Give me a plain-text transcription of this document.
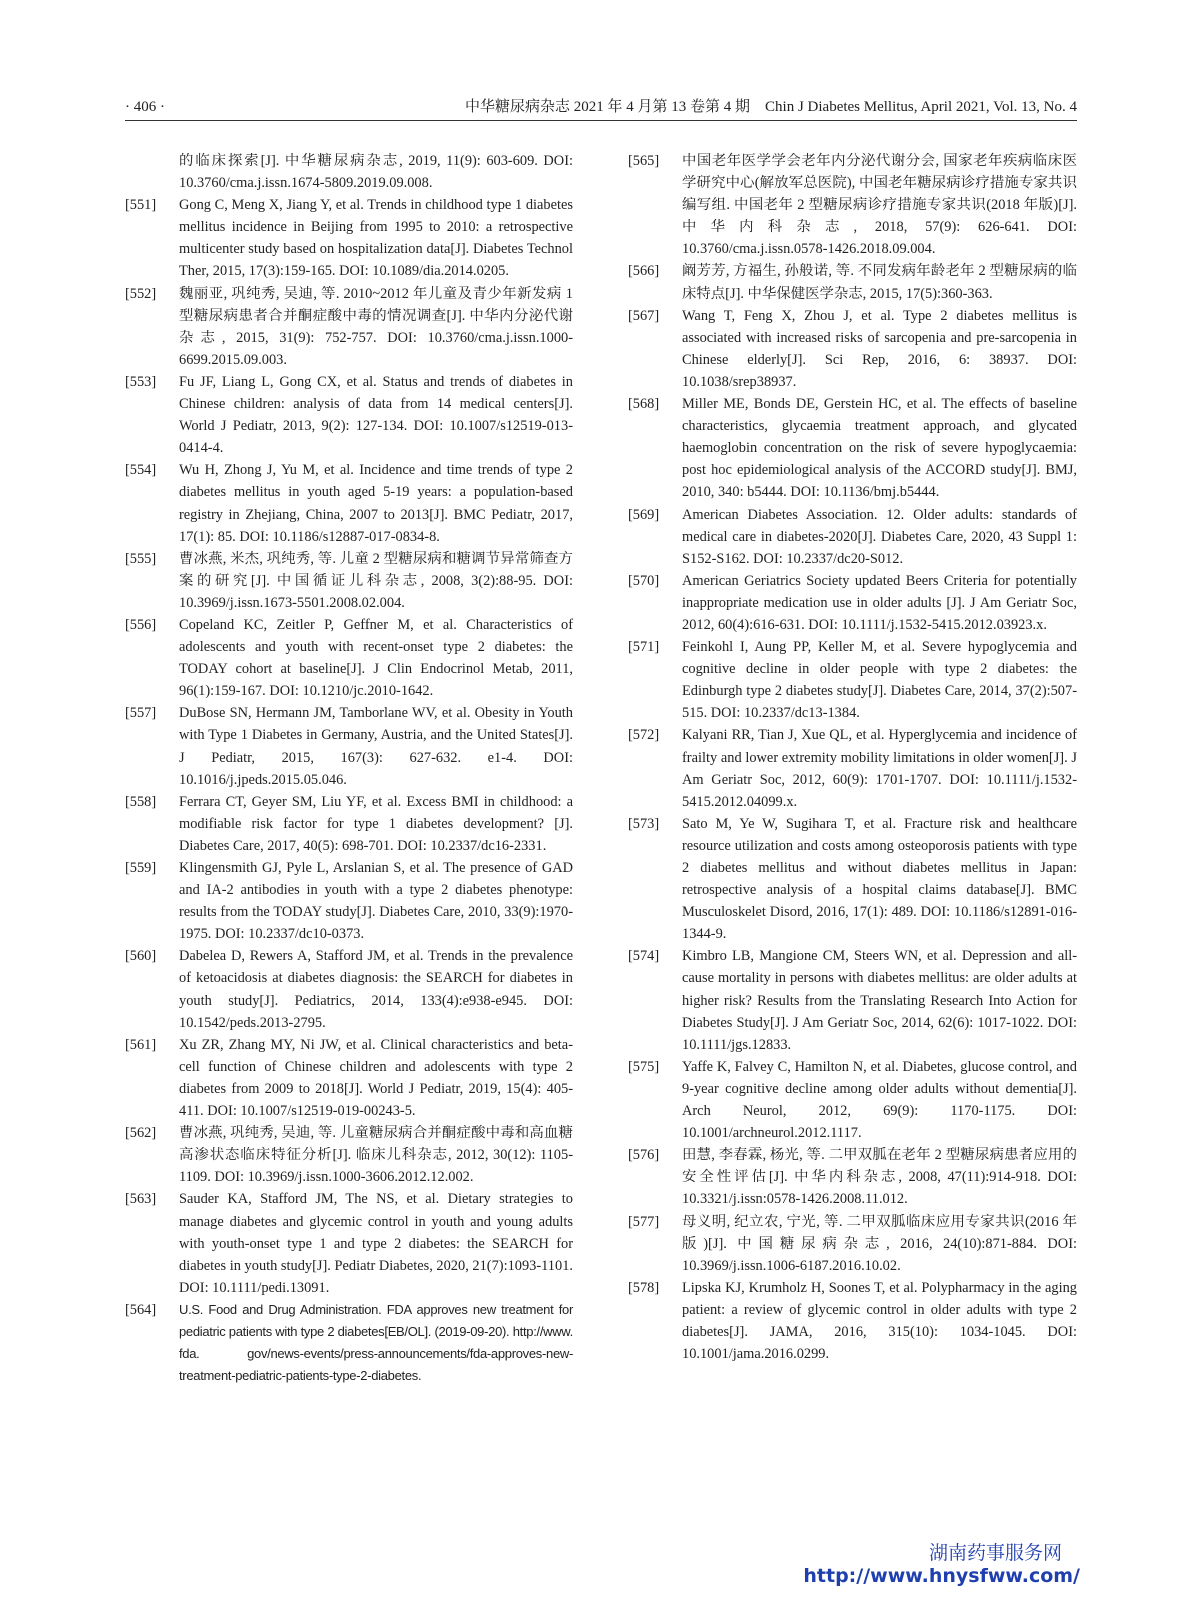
· 406 ·	中华糖尿病杂志 2021 年 4 月第 13 卷第 4 期　Chin J Diabetes Mellitus, April 2021, Vol. 13, No. 4
的临床探索[J]. 中华糖尿病杂志, 2019, 11(9): 603-609. DOI: 10.3760/cma.j.issn.1674-5809.2019.09.008.
[551] Gong C, Meng X, Jiang Y, et al. Trends in childhood type 1 diabetes mellitus incidence in Beijing from 1995 to 2010: a retrospective multicenter study based on hospitalization data[J]. Diabetes Technol Ther, 2015, 17(3):159-165. DOI: 10.1089/dia.2014.0205.
[552] 魏丽亚, 巩纯秀, 吴迪, 等. 2010~2012 年儿童及青少年新发病 1 型糖尿病患者合并酮症酸中毒的情况调查[J]. 中华内分泌代谢杂志, 2015, 31(9): 752-757. DOI: 10.3760/cma.j.issn.1000-6699.2015.09.003.
[553] Fu JF, Liang L, Gong CX, et al. Status and trends of diabetes in Chinese children: analysis of data from 14 medical centers[J]. World J Pediatr, 2013, 9(2): 127-134. DOI: 10.1007/s12519-013-0414-4.
[554] Wu H, Zhong J, Yu M, et al. Incidence and time trends of type 2 diabetes mellitus in youth aged 5-19 years: a population-based registry in Zhejiang, China, 2007 to 2013[J]. BMC Pediatr, 2017, 17(1): 85. DOI: 10.1186/s12887-017-0834-8.
[555] 曹冰燕, 米杰, 巩纯秀, 等. 儿童 2 型糖尿病和糖调节异常筛查方案的研究[J]. 中国循证儿科杂志, 2008, 3(2):88-95. DOI: 10.3969/j.issn.1673-5501.2008.02.004.
[556] Copeland KC, Zeitler P, Geffner M, et al. Characteristics of adolescents and youth with recent-onset type 2 diabetes: the TODAY cohort at baseline[J]. J Clin Endocrinol Metab, 2011, 96(1):159-167. DOI: 10.1210/jc.2010-1642.
[557] DuBose SN, Hermann JM, Tamborlane WV, et al. Obesity in Youth with Type 1 Diabetes in Germany, Austria, and the United States[J]. J Pediatr, 2015, 167(3): 627-632. e1-4. DOI: 10.1016/j.jpeds.2015.05.046.
[558] Ferrara CT, Geyer SM, Liu YF, et al. Excess BMI in childhood: a modifiable risk factor for type 1 diabetes development? [J]. Diabetes Care, 2017, 40(5): 698-701. DOI: 10.2337/dc16-2331.
[559] Klingensmith GJ, Pyle L, Arslanian S, et al. The presence of GAD and IA-2 antibodies in youth with a type 2 diabetes phenotype: results from the TODAY study[J]. Diabetes Care, 2010, 33(9):1970-1975. DOI: 10.2337/dc10-0373.
[560] Dabelea D, Rewers A, Stafford JM, et al. Trends in the prevalence of ketoacidosis at diabetes diagnosis: the SEARCH for diabetes in youth study[J]. Pediatrics, 2014, 133(4):e938-e945. DOI: 10.1542/peds.2013-2795.
[561] Xu ZR, Zhang MY, Ni JW, et al. Clinical characteristics and beta-cell function of Chinese children and adolescents with type 2 diabetes from 2009 to 2018[J]. World J Pediatr, 2019, 15(4): 405-411. DOI: 10.1007/s12519-019-00243-5.
[562] 曹冰燕, 巩纯秀, 吴迪, 等. 儿童糖尿病合并酮症酸中毒和高血糖高渗状态临床特征分析[J]. 临床儿科杂志, 2012, 30(12): 1105-1109. DOI: 10.3969/j.issn.1000-3606.2012.12.002.
[563] Sauder KA, Stafford JM, The NS, et al. Dietary strategies to manage diabetes and glycemic control in youth and young adults with youth-onset type 1 and type 2 diabetes: the SEARCH for diabetes in youth study[J]. Pediatr Diabetes, 2020, 21(7):1093-1101. DOI: 10.1111/pedi.13091.
[564] U.S. Food and Drug Administration. FDA approves new treatment for pediatric patients with type 2 diabetes[EB/OL]. (2019-09-20). http://www. fda. gov/news-events/press-announcements/fda-approves-new-treatment-pediatric-patients-type-2-diabetes.
[565] 中国老年医学学会老年内分泌代谢分会, 国家老年疾病临床医学研究中心(解放军总医院), 中国老年糖尿病诊疗措施专家共识编写组. 中国老年 2 型糖尿病诊疗措施专家共识(2018 年版)[J]. 中华内科杂志, 2018, 57(9): 626-641. DOI: 10.3760/cma.j.issn.0578-1426.2018.09.004.
[566] 阚芳芳, 方福生, 孙般诺, 等. 不同发病年龄老年 2 型糖尿病的临床特点[J]. 中华保健医学杂志, 2015, 17(5):360-363.
[567] Wang T, Feng X, Zhou J, et al. Type 2 diabetes mellitus is associated with increased risks of sarcopenia and pre-sarcopenia in Chinese elderly[J]. Sci Rep, 2016, 6: 38937. DOI: 10.1038/srep38937.
[568] Miller ME, Bonds DE, Gerstein HC, et al. The effects of baseline characteristics, glycaemia treatment approach, and glycated haemoglobin concentration on the risk of severe hypoglycaemia: post hoc epidemiological analysis of the ACCORD study[J]. BMJ, 2010, 340: b5444. DOI: 10.1136/bmj.b5444.
[569] American Diabetes Association. 12. Older adults: standards of medical care in diabetes-2020[J]. Diabetes Care, 2020, 43 Suppl 1: S152-S162. DOI: 10.2337/dc20-S012.
[570] American Geriatrics Society updated Beers Criteria for potentially inappropriate medication use in older adults [J]. J Am Geriatr Soc, 2012, 60(4):616-631. DOI: 10.1111/j.1532-5415.2012.03923.x.
[571] Feinkohl I, Aung PP, Keller M, et al. Severe hypoglycemia and cognitive decline in older people with type 2 diabetes: the Edinburgh type 2 diabetes study[J]. Diabetes Care, 2014, 37(2):507-515. DOI: 10.2337/dc13-1384.
[572] Kalyani RR, Tian J, Xue QL, et al. Hyperglycemia and incidence of frailty and lower extremity mobility limitations in older women[J]. J Am Geriatr Soc, 2012, 60(9): 1701-1707. DOI: 10.1111/j.1532-5415.2012.04099.x.
[573] Sato M, Ye W, Sugihara T, et al. Fracture risk and healthcare resource utilization and costs among osteoporosis patients with type 2 diabetes mellitus and without diabetes mellitus in Japan: retrospective analysis of a hospital claims database[J]. BMC Musculoskelet Disord, 2016, 17(1): 489. DOI: 10.1186/s12891-016-1344-9.
[574] Kimbro LB, Mangione CM, Steers WN, et al. Depression and all-cause mortality in persons with diabetes mellitus: are older adults at higher risk? Results from the Translating Research Into Action for Diabetes Study[J]. J Am Geriatr Soc, 2014, 62(6): 1017-1022. DOI: 10.1111/jgs.12833.
[575] Yaffe K, Falvey C, Hamilton N, et al. Diabetes, glucose control, and 9-year cognitive decline among older adults without dementia[J]. Arch Neurol, 2012, 69(9): 1170-1175. DOI: 10.1001/archneurol.2012.1117.
[576] 田慧, 李春霖, 杨光, 等. 二甲双胍在老年 2 型糖尿病患者应用的安全性评估[J]. 中华内科杂志, 2008, 47(11):914-918. DOI: 10.3321/j.issn:0578-1426.2008.11.012.
[577] 母义明, 纪立农, 宁光, 等. 二甲双胍临床应用专家共识(2016 年版)[J]. 中国糖尿病杂志, 2016, 24(10):871-884. DOI: 10.3969/j.issn.1006-6187.2016.10.02.
[578] Lipska KJ, Krumholz H, Soones T, et al. Polypharmacy in the aging patient: a review of glycemic control in older adults with type 2 diabetes[J]. JAMA, 2016, 315(10): 1034-1045. DOI: 10.1001/jama.2016.0299.
湖南药事服务网
http://www.hnysfww.com/
